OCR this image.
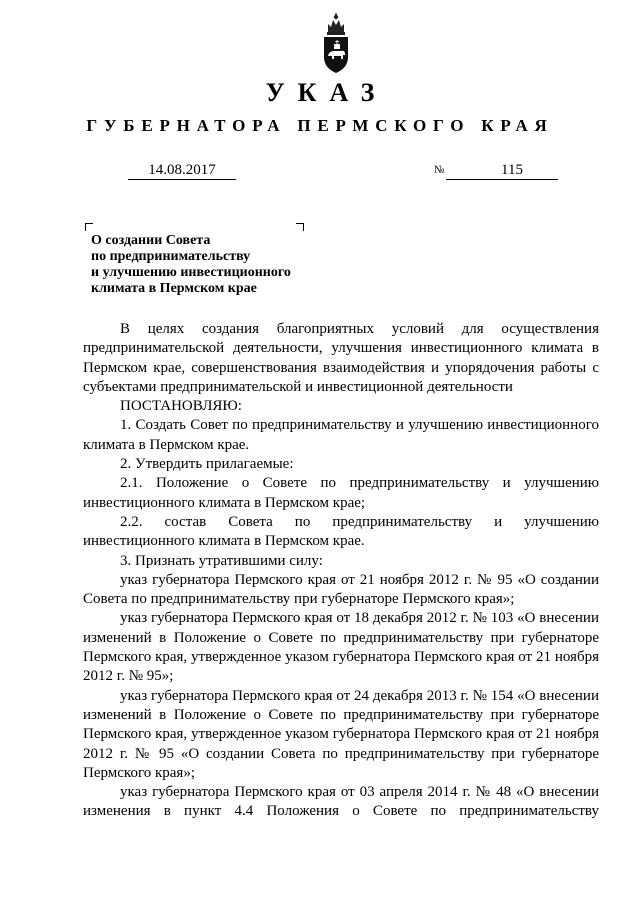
УКАЗ
ГУБЕРНАТОРА ПЕРМСКОГО КРАЯ
14.08.2017	№	115
О создании Совета
по предпринимательству
и улучшению инвестиционного
климата в Пермском крае

В целях создания благоприятных условий для осуществления предпринимательской деятельности, улучшения инвестиционного климата в Пермском крае, совершенствования взаимодействия и упорядочения работы с субъектами предпринимательской и инвестиционной деятельности

ПОСТАНОВЛЯЮ:

1. Создать Совет по предпринимательству и улучшению инвестиционного климата в Пермском крае.

2. Утвердить прилагаемые:

2.1. Положение о Совете по предпринимательству и улучшению инвестиционного климата в Пермском крае;

2.2. состав Совета по предпринимательству и улучшению инвестиционного климата в Пермском крае.

3. Признать утратившими силу:

указ губернатора Пермского края от 21 ноября 2012 г. № 95 «О создании Совета по предпринимательству при губернаторе Пермского края»;

указ губернатора Пермского края от 18 декабря 2012 г. № 103 «О внесении изменений в Положение о Совете по предпринимательству при губернаторе Пермского края, утвержденное указом губернатора Пермского края от 21 ноября 2012 г. № 95»;

указ губернатора Пермского края от 24 декабря 2013 г. № 154 «О внесении изменений в Положение о Совете по предпринимательству при губернаторе Пермского края, утвержденное указом губернатора Пермского края от 21 ноября 2012 г. № 95 «О создании Совета по предпринимательству при губернаторе Пермского края»;

указ губернатора Пермского края от 03 апреля 2014 г. № 48 «О внесении изменения в пункт 4.4 Положения о Совете по предпринимательству
